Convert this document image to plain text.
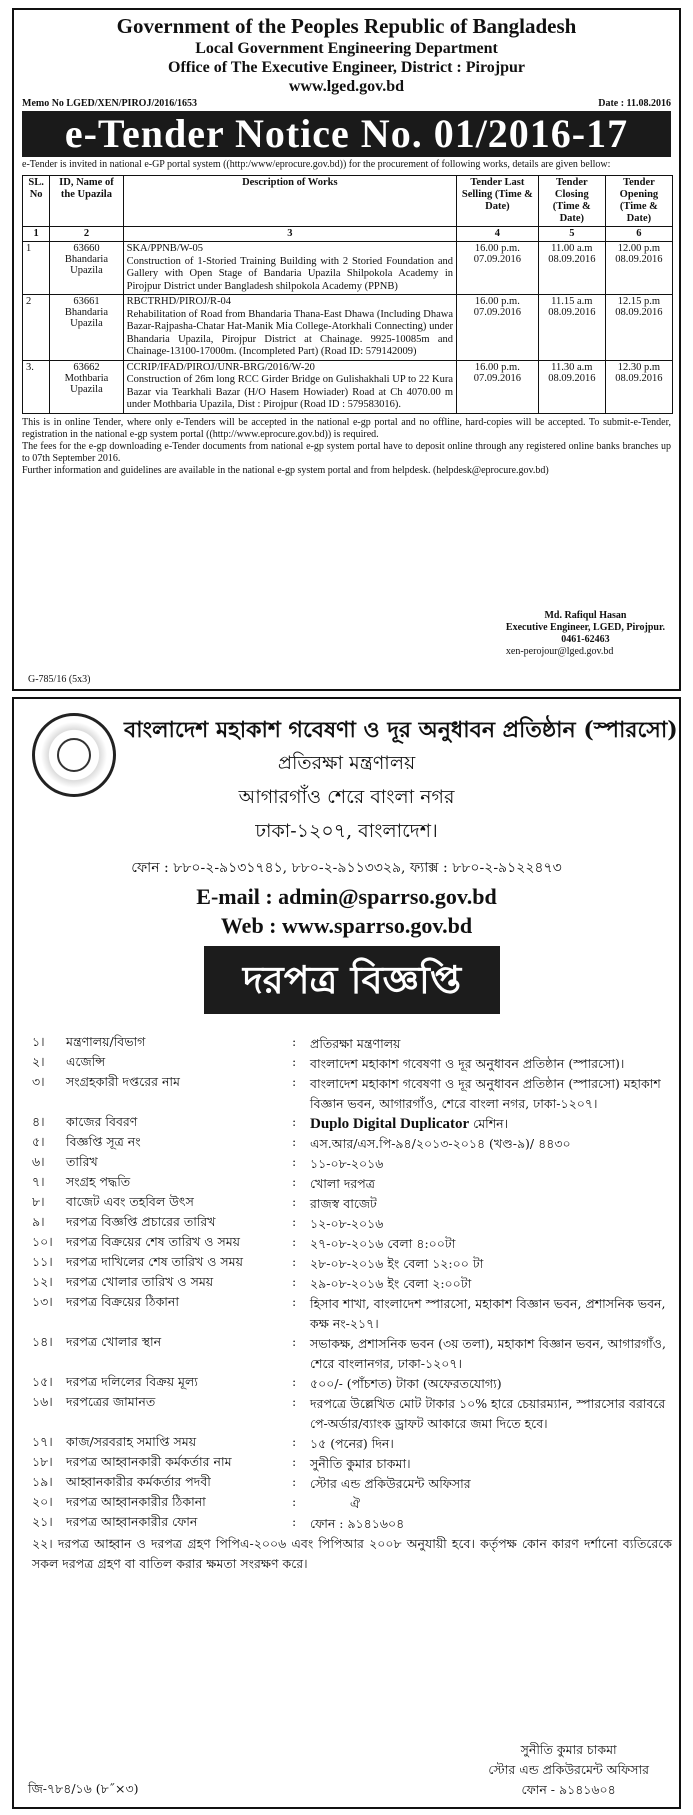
Government of the Peoples Republic of Bangladesh
Local Government Engineering Department
Office of The Executive Engineer, District : Pirojpur
www.lged.gov.bd
Memo No LGED/XEN/PIROJ/2016/1653	Date : 11.08.2016
e-Tender Notice No. 01/2016-17
e-Tender is invited in national e-GP portal system ((http:/www/eprocure.gov.bd)) for the procurement of following works, details are given bellow:
SL. No	ID, Name of the Upazila	Description of Works	Tender Last Selling (Time & Date)	Tender Closing (Time & Date)	Tender Opening (Time & Date)
1	2	3	4	5	6
1	63660 Bhandaria Upazila	SKA/PPNB/W-05
Construction of 1-Storied Training Building with 2 Storied Foundation and Gallery with Open Stage of Bandaria Upazila Shilpokola Academy in Pirojpur District under Bangladesh shilpokola Academy (PPNB)	16.00 p.m. 07.09.2016	11.00 a.m 08.09.2016	12.00 p.m 08.09.2016
2	63661 Bhandaria Upazila	RBCTRHD/PIROJ/R-04
Rehabilitation of Road from Bhandaria Thana-East Dhawa (Including Dhawa Bazar-Rajpasha-Chatar Hat-Manik Mia College-Atorkhali Connecting) under Bhandaria Upazila, Pirojpur District at Chainage. 9925-10085m and Chainage-13100-17000m. (Incompleted Part) (Road ID: 579142009)	16.00 p.m. 07.09.2016	11.15 a.m 08.09.2016	12.15 p.m 08.09.2016
3.	63662 Mothbaria Upazila	CCRIP/IFAD/PIROJ/UNR-BRG/2016/W-20
Construction of 26m long RCC Girder Bridge on Gulishakhali UP to 22 Kura Bazar via Tearkhali Bazar (H/O Hasem Howiader) Road at Ch 4070.00 m under Mothbaria Upazila, Dist : Pirojpur (Road ID : 579583016).	16.00 p.m. 07.09.2016	11.30 a.m 08.09.2016	12.30 p.m 08.09.2016
This is in online Tender, where only e-Tenders will be accepted in the national e-gp portal and no offline, hard-copies will be accepted. To submit-e-Tender, registration in the national e-gp system portal ((http://www.eprocure.gov.bd)) is required.
The fees for the e-gp downloading e-Tender documents from national e-gp system portal have to deposit online through any registered online banks branches up to 07th September 2016.
Further information and guidelines are available in the national e-gp system portal and from helpdesk. (helpdesk@eprocure.gov.bd)
Md. Rafiqul Hasan
Executive Engineer, LGED, Pirojpur.
0461-62463
xen-perojour@lged.gov.bd
G-785/16 (5x3)
বাংলাদেশ মহাকাশ গবেষণা ও দূর অনুধাবন প্রতিষ্ঠান (স্পারসো)
প্রতিরক্ষা মন্ত্রণালয়
আগারগাঁও শেরে বাংলা নগর
ঢাকা-১২০৭, বাংলাদেশ।
ফোন : ৮৮০-২-৯১৩১৭৪১, ৮৮০-২-৯১১৩৩২৯, ফ্যাক্স : ৮৮০-২-৯১২২৪৭৩
E-mail : admin@sparrso.gov.bd
Web : www.sparrso.gov.bd
দরপত্র বিজ্ঞপ্তি
১।	মন্ত্রণালয়/বিভাগ	:	প্রতিরক্ষা মন্ত্রণালয়
২।	এজেন্সি	:	বাংলাদেশ মহাকাশ গবেষণা ও দূর অনুধাবন প্রতিষ্ঠান (স্পারসো)।
৩।	সংগ্রহকারী দপ্তরের নাম	:	বাংলাদেশ মহাকাশ গবেষণা ও দূর অনুধাবন প্রতিষ্ঠান (স্পারসো) মহাকাশ বিজ্ঞান ভবন, আগারগাঁও, শেরে বাংলা নগর, ঢাকা-১২০৭।
৪।	কাজের বিবরণ	: Duplo Digital Duplicator মেশিন।
৫।	বিজ্ঞপ্তি সূত্র নং	:	এস.আর/এস.পি-৯৪/২০১৩-২০১৪ (খণ্ড-৯)/ ৪৪৩০
৬।	তারিখ	:	১১-০৮-২০১৬
৭।	সংগ্রহ পদ্ধতি	:	খোলা দরপত্র
৮।	বাজেট এবং তহবিল উৎস	:	রাজস্ব বাজেট
৯।	দরপত্র বিজ্ঞপ্তি প্রচারের তারিখ	:	১২-০৮-২০১৬
১০।	দরপত্র বিক্রয়ের শেষ তারিখ ও সময়	:	২৭-০৮-২০১৬ বেলা ৪:০০টা
১১।	দরপত্র দাখিলের শেষ তারিখ ও সময়	:	২৮-০৮-২০১৬ ইং বেলা ১২:০০ টা
১২।	দরপত্র খোলার তারিখ ও সময়	:	২৯-০৮-২০১৬ ইং বেলা ২:০০টা
১৩।	দরপত্র বিক্রয়ের ঠিকানা	:	হিসাব শাখা, বাংলাদেশ স্পারসো, মহাকাশ বিজ্ঞান ভবন, প্রশাসনিক ভবন, কক্ষ নং-২১৭।
১৪।	দরপত্র খোলার স্থান	:	সভাকক্ষ, প্রশাসনিক ভবন (৩য় তলা), মহাকাশ বিজ্ঞান ভবন, আগারগাঁও, শেরে বাংলানগর, ঢাকা-১২০৭।
১৫।	দরপত্র দলিলের বিক্রয় মূল্য	:	৫০০/- (পাঁচশত) টাকা (অফেরতযোগ্য)
১৬।	দরপত্রের জামানত	:	দরপত্রে উল্লেখিত মোট টাকার ১০% হারে চেয়ারম্যান, স্পারসোর বরাবরে পে-অর্ডার/ব্যাংক ড্রাফট আকারে জমা দিতে হবে।
১৭।	কাজ/সরবরাহ সমাপ্তি সময়	:	১৫ (পনের) দিন।
১৮।	দরপত্র আহ্বানকারী কর্মকর্তার নাম	:	সুনীতি কুমার চাকমা।
১৯।	আহ্বানকারীর কর্মকর্তার পদবী	:	স্টোর এন্ড প্রকিউরমেন্ট অফিসার
২০।	দরপত্র আহ্বানকারীর ঠিকানা	:	ঐ
২১।	দরপত্র আহ্বানকারীর ফোন	:	ফোন : ৯১৪১৬০৪
২২। দরপত্র আহ্বান ও দরপত্র গ্রহণ পিপিএ-২০০৬ এবং পিপিআর ২০০৮ অনুযায়ী হবে। কর্তৃপক্ষ কোন কারণ দর্শানো ব্যতিরেকে সকল দরপত্র গ্রহণ বা বাতিল করার ক্ষমতা সংরক্ষণ করে।
সুনীতি কুমার চাকমা
স্টোর এন্ড প্রকিউরমেন্ট অফিসার
ফোন - ৯১৪১৬০৪
জি-৭৮৪/১৬ (৮˝×৩)
